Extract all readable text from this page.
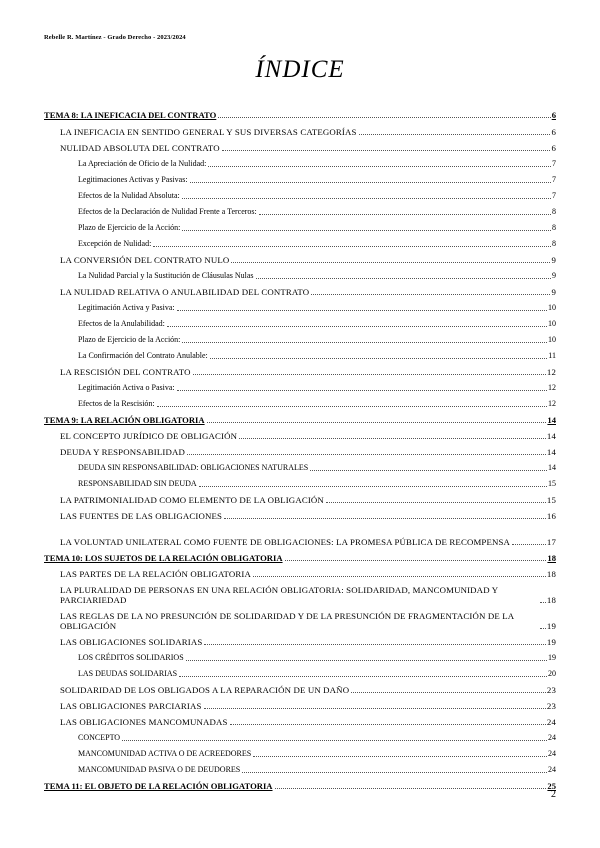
Rebelle R. Martínez - Grado Derecho - 2023/2024
ÍNDICE
TEMA 8: LA INEFICACIA DEL CONTRATO	6
LA INEFICACIA EN SENTIDO GENERAL Y SUS DIVERSAS CATEGORÍAS	6
NULIDAD ABSOLUTA DEL CONTRATO	6
La Apreciación de Oficio de la Nulidad:	7
Legitimaciones Activas y Pasivas:	7
Efectos de la Nulidad Absoluta:	7
Efectos de la Declaración de Nulidad Frente a Terceros:	8
Plazo de Ejercicio de la Acción:	8
Excepción de Nulidad:	8
LA CONVERSIÓN DEL CONTRATO NULO	9
La Nulidad Parcial y la Sustitución de Cláusulas Nulas	9
LA NULIDAD RELATIVA O ANULABILIDAD DEL CONTRATO	9
Legitimación Activa y Pasiva:	10
Efectos de la Anulabilidad:	10
Plazo de Ejercicio de la Acción:	10
La Confirmación del Contrato Anulable:	11
LA RESCISIÓN DEL CONTRATO	12
Legitimación Activa o Pasiva:	12
Efectos de la Rescisión:	12
TEMA 9: LA RELACIÓN OBLIGATORIA	14
EL CONCEPTO JURÍDICO DE OBLIGACIÓN	14
DEUDA Y RESPONSABILIDAD	14
DEUDA SIN RESPONSABILIDAD: OBLIGACIONES NATURALES	14
RESPONSABILIDAD SIN DEUDA	15
LA PATRIMONIALIDAD COMO ELEMENTO DE LA OBLIGACIÓN	15
LAS FUENTES DE LAS OBLIGACIONES	16
LA VOLUNTAD UNILATERAL COMO FUENTE DE OBLIGACIONES: LA PROMESA PÚBLICA DE RECOMPENSA	17
TEMA 10: LOS SUJETOS DE LA RELACIÓN OBLIGATORIA	18
LAS PARTES DE LA RELACIÓN OBLIGATORIA	18
LA PLURALIDAD DE PERSONAS EN UNA RELACIÓN OBLIGATORIA: SOLIDARIDAD, MANCOMUNIDAD Y PARCIARIEDAD	18
LAS REGLAS DE LA NO PRESUNCIÓN DE SOLIDARIDAD Y DE LA PRESUNCIÓN DE FRAGMENTACIÓN DE LA OBLIGACIÓN	19
LAS OBLIGACIONES SOLIDARIAS	19
LOS CRÉDITOS SOLIDARIOS	19
LAS DEUDAS SOLIDARIAS	20
SOLIDARIDAD DE LOS OBLIGADOS A LA REPARACIÓN DE UN DAÑO	23
LAS OBLIGACIONES PARCIARIAS	23
LAS OBLIGACIONES MANCOMUNADAS	24
CONCEPTO	24
MANCOMUNIDAD ACTIVA O DE ACREEDORES	24
MANCOMUNIDAD PASIVA O DE DEUDORES	24
TEMA 11: EL OBJETO DE LA RELACIÓN OBLIGATORIA	25
2
